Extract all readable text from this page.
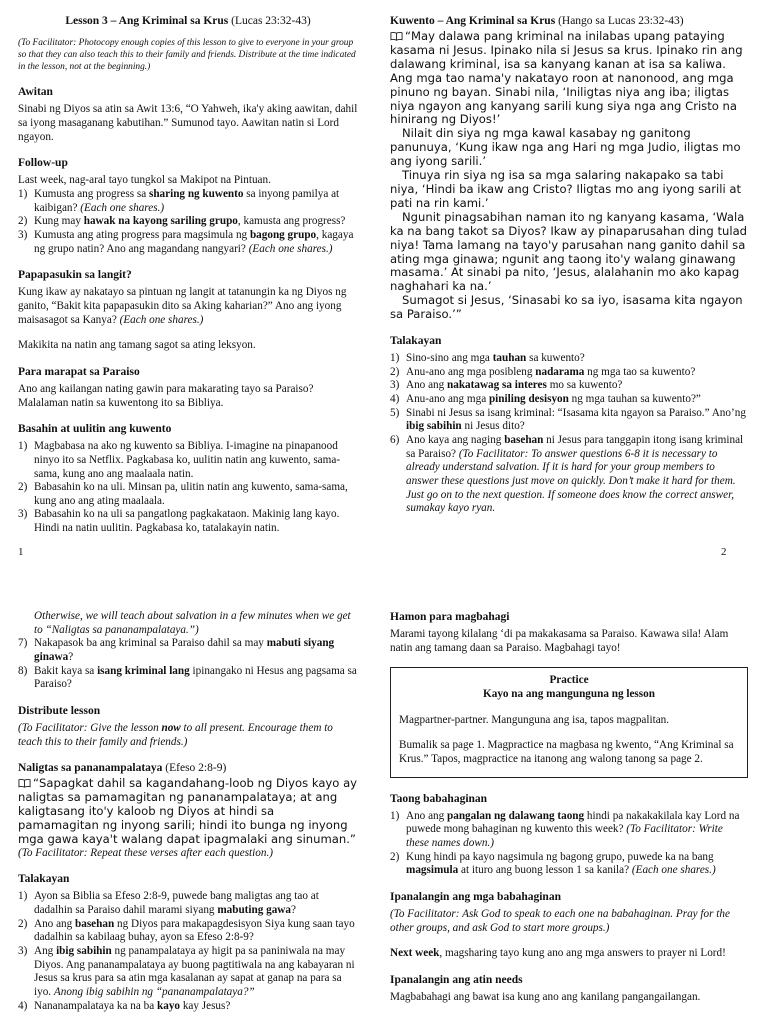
Lesson 3 – Ang Kriminal sa Krus (Lucas 23:32-43)

(To Facilitator: Photocopy enough copies of this lesson to give to everyone in your group so that they can also teach this to their family and friends. Distribute at the time indicated in the lesson, not at the beginning.)

Awitan

Sinabi ng Diyos sa atin sa Awit 13:6, “O Yahweh, ika'y aking aawitan, dahil sa iyong masaganang kabutihan.” Sumunod tayo. Aawitan natin si Lord ngayon.

Follow-up
Last week, nag-aral tayo tungkol sa Makipot na Pintuan.
1) Kumusta ang progress sa sharing ng kuwento sa inyong pamilya at kaibigan? (Each one shares.)
2) Kung may hawak na kayong sariling grupo, kamusta ang progress?
3) Kumusta ang ating progress para magsimula ng bagong grupo, kagaya ng grupo natin? Ano ang magandang nangyari? (Each one shares.)
Papapasukin sa langit?

Kung ikaw ay nakatayo sa pintuan ng langit at tatanungin ka ng Diyos ng ganito, “Bakit kita papapasukin dito sa Aking kaharian?” Ano ang iyong maisasagot sa Kanya? (Each one shares.)

Makikita na natin ang tamang sagot sa ating leksyon.

Para marapat sa Paraiso

Ano ang kailangan nating gawin para makarating tayo sa Paraiso? Malalaman natin sa kuwentong ito sa Bibliya.

Basahin at uulitin ang kuwento
1) Magbabasa na ako ng kuwento sa Bibliya. I-imagine na pinapanood ninyo ito sa Netflix. Pagkabasa ko, uulitin natin ang kuwento, sama-sama, kung ano ang maalaala natin.
2) Babasahin ko na uli. Minsan pa, ulitin natin ang kuwento, sama-sama, kung ano ang ating maalaala.
3) Babasahin ko na uli sa pangatlong pagkakataon. Makinig lang kayo. Hindi na natin uulitin. Pagkabasa ko, tatalakayin natin.
1
Kuwento – Ang Kriminal sa Krus (Hango sa Lucas 23:32-43)

“May dalawa pang kriminal na inilabas upang pataying kasama ni Jesus. Ipinako nila si Jesus sa krus. Ipinako rin ang dalawang kriminal, isa sa kanyang kanan at isa sa kaliwa. Ang mga tao nama'y nakatayo roon at nanonood, ang mga pinuno ng bayan. Sinabi nila, ‘Iniligtas niya ang iba; iligtas niya ngayon ang kanyang sarili kung siya nga ang Cristo na hinirang ng Diyos!’

Nilait din siya ng mga kawal kasabay ng ganitong panunuya, ‘Kung ikaw nga ang Hari ng mga Judio, iligtas mo ang iyong sarili.’

Tinuya rin siya ng isa sa mga salaring nakapako sa tabi niya, ‘Hindi ba ikaw ang Cristo? Iligtas mo ang iyong sarili at pati na rin kami.’

Ngunit pinagsabihan naman ito ng kanyang kasama, ‘Wala ka na bang takot sa Diyos? Ikaw ay pinaparusahan ding tulad niya! Tama lamang na tayo'y parusahan nang ganito dahil sa ating mga ginawa; ngunit ang taong ito'y walang ginawang masama.’ At sinabi pa nito, ‘Jesus, alalahanin mo ako kapag naghahari ka na.’

Sumagot si Jesus, ‘Sinasabi ko sa iyo, isasama kita ngayon sa Paraiso.’”

Talakayan
1) Sino-sino ang mga tauhan sa kuwento?
2) Anu-ano ang mga posibleng nadarama ng mga tao sa kuwento?
3) Ano ang nakatawag sa interes mo sa kuwento?
4) Anu-ano ang mga piniling desisyon ng mga tauhan sa kuwento?”
5) Sinabi ni Jesus sa isang kriminal: “Isasama kita ngayon sa Paraiso.” Ano’ng ibig sabihin ni Jesus dito?
6) Ano kaya ang naging basehan ni Jesus para tanggapin itong isang kriminal sa Paraiso? (To Facilitator: To answer questions 6-8 it is necessary to already understand salvation. If it is hard for your group members to answer these questions just move on quickly. Don’t make it hard for them. Just go on to the next question. If someone does know the correct answer, sumakay kayo ryan.
2
Otherwise, we will teach about salvation in a few minutes when we get to “Naligtas sa pananampalataya.”)
7) Nakapasok ba ang kriminal sa Paraiso dahil sa may mabuti siyang ginawa?
8) Bakit kaya sa isang kriminal lang ipinangako ni Hesus ang pagsama sa Paraiso?
Distribute lesson

(To Facilitator: Give the lesson now to all present. Encourage them to teach this to their family and friends.)

Naligtas sa pananampalataya (Efeso 2:8-9)
“Sapagkat dahil sa kagandahang-loob ng Diyos kayo ay naligtas sa pamamagitan ng pananampalataya; at ang kaligtasang ito'y kaloob ng Diyos at hindi sa pamamagitan ng inyong sarili; hindi ito bunga ng inyong mga gawa kaya't walang dapat ipagmalaki ang sinuman.”

(To Facilitator: Repeat these verses after each question.)

Talakayan
1) Ayon sa Biblia sa Efeso 2:8-9, puwede bang maligtas ang tao at dadalhin sa Paraiso dahil marami siyang mabuting gawa?
2) Ano ang basehan ng Diyos para makapagdesisyon Siya kung saan tayo dadalhin sa kabilaag buhay, ayon sa Efeso 2:8-9?
3) Ang ibig sabihin ng panampalataya ay higit pa sa paniniwala na may Diyos. Ang pananampalataya ay buong pagtitiwala na ang kabayaran ni Jesus sa krus para sa atin mga kasalanan ay sapat at ganap na para sa iyo. Anong ibig sabihin ng “pananampalataya?”
4) Nananampalataya ka na ba kayo kay Jesus?
Hamon para magbahagi

Marami tayong kilalang ‘di pa makakasama sa Paraiso. Kawawa sila! Alam natin ang tamang daan sa Paraiso. Magbahagi tayo!

Practice
Kayo na ang mangunguna ng lesson

Magpartner-partner. Mangunguna ang isa, tapos magpalitan.

Bumalik sa page 1. Magpractice na magbasa ng kwento, “Ang Kriminal sa Krus.” Tapos, magpractice na itanong ang walong tanong sa page 2.

Taong babahaginan
1) Ano ang pangalan ng dalawang taong hindi pa nakakakilala kay Lord na puwede mong bahaginan ng kuwento this week? (To Facilitator: Write these names down.)
2) Kung hindi pa kayo nagsimula ng bagong grupo, puwede ka na bang magsimula at ituro ang buong lesson 1 sa kanila? (Each one shares.)
Ipanalangin ang mga babahaginan

(To Facilitator: Ask God to speak to each one na babahaginan. Pray for the other groups, and ask God to start more groups.)

Next week, magsharing tayo kung ano ang mga answers to prayer ni Lord!

Ipanalangin ang atin needs
Magbabahagi ang bawat isa kung ano ang kanilang pangangailangan.
